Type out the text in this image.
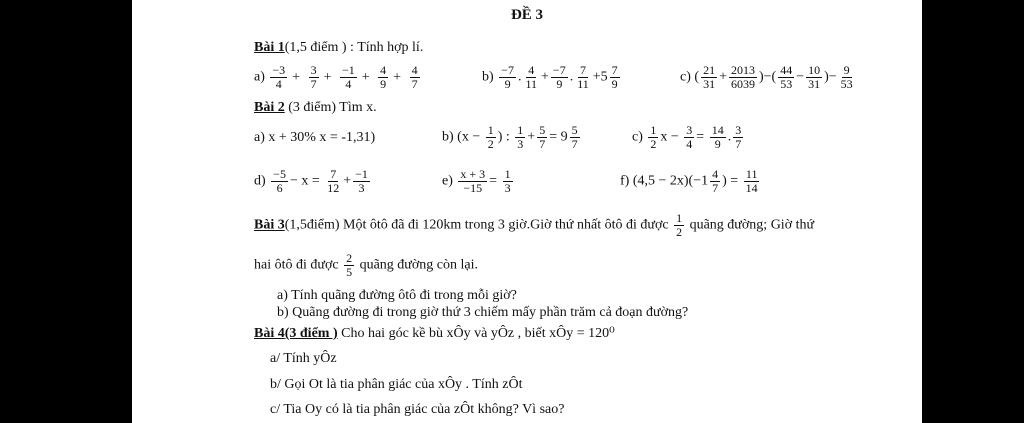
ĐỀ 3
Bài 1(1,5 điểm ) : Tính hợp lí.
$a) \frac{-3}{4} + \frac{3}{7} + \frac{-1}{4} + \frac{4}{9} + \frac{4}{7}$	$b) \frac{-7}{9}$ . $\frac{4}{11} + \frac{-7}{9}$ . $\frac{7}{11} +5 \frac{7}{9}$	c) ( $\frac{21}{31} + \frac{2013}{6039}$ )−( $\frac{44}{53} - \frac{10}{31}$ )− $\frac{9}{53}$
Bài 2 (3 điểm) Tìm x.
a) x + 30% x = -1,31)	b) ($x - \frac{1}{2}$ ) : $\frac{1}{3} + \frac{5}{7} = 9 \frac{5}{7}$	$c) \frac{1}{2}$ $x - \frac{3}{4} = \frac{14}{9}$ . $\frac{3}{7}$
$d) \frac{-5}{6} - x = \frac{7}{12} + \frac{-1}{3}$	$e) \frac{x + 3}{-15} = \frac{1}{3}$	f) $(4,5 - 2x)(-1 \frac{4}{7}$ ) = $\frac{11}{14}$
Bài 3(1,5điểm) Một ôtô đã đi 120km trong 3 giờ.Giờ thứ nhất ôtô đi được $\frac{1}{2}$ quãng đường; Giờ thứ
hai ôtô đi được $\frac{2}{5}$ quãng đường còn lại.
a) Tính quãng đường ôtô đi trong mỗi giờ?
b) Quãng đường đi trong giờ thứ 3 chiếm mấy phần trăm cả đoạn đường?
Bài 4(3 điểm ) Cho hai góc kề bù xÔy và yÔz , biết xÔy = 120⁰
a/ Tính yÔz
b/ Gọi Ot là tia phân giác của xÔy . Tính zÔt
c/ Tia Oy có là tia phân giác của zÔt không? Vì sao?
